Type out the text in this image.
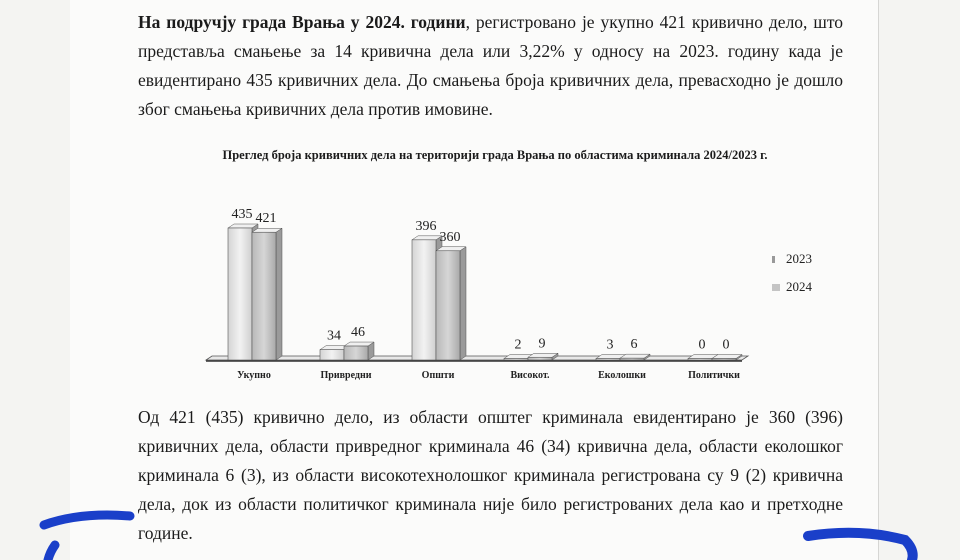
На подручју града Врања у 2024. години, регистровано је укупно 421 кривично дело, што представља смањење за 14 кривична дела или 3,22% у односу на 2023. годину када је евидентирано 435 кривичних дела. До смањења броја кривичних дела, превасходно је дошло због смањења кривичних дела против имовине.

Преглед броја кривичних дела на територији града Врања по областима криминала 2024/2023 г.

435 421
Укупно
34 46
Привредни
396
360
Општи
2 9
Високот.
3 6
Еколошки
0 0
Политички
2023
2024

Од 421 (435) кривично дело, из области општег криминала евидентирано је 360 (396) кривичних дела, области привредног криминала 46 (34) кривична дела, области еколошког криминала 6 (3), из области високотехнолошког криминала регистрована су 9 (2) кривична дела, док из области политичког криминала није било регистрованих дела као и претходне године.
